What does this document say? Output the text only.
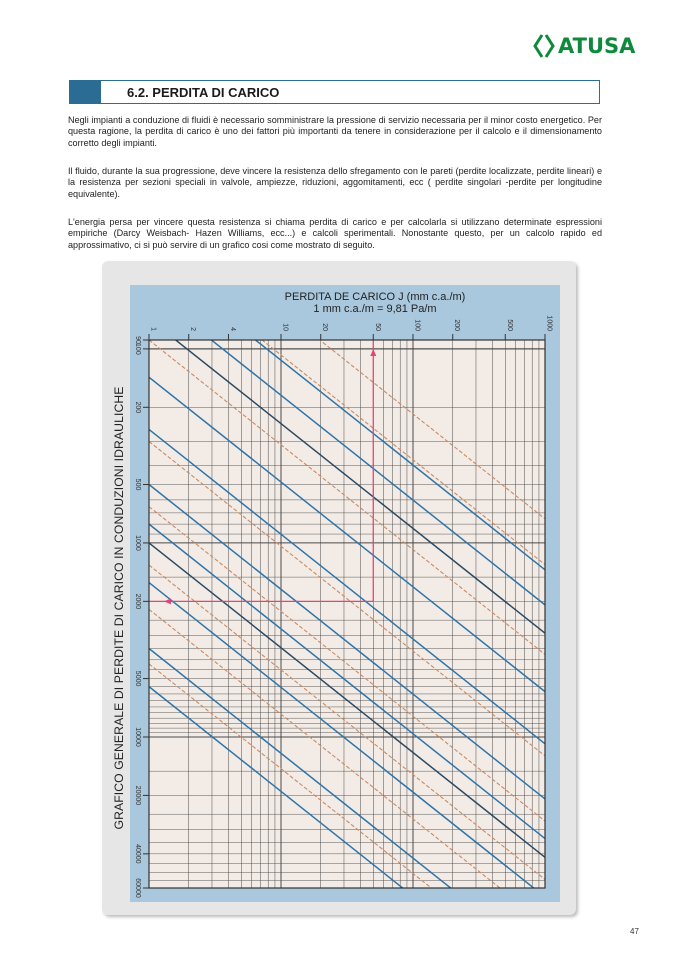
ATUSA
6.2. PERDITA DI CARICO

Negli impianti a conduzione di fluidi è necessario somministrare la pressione di servizio necessaria per il minor costo energetico. Per questa ragione, la perdita di carico è uno dei fattori più importanti da tenere in considerazione per il calcolo e il dimensionamento corretto degli impianti.

Il fluido, durante la sua progressione, deve vincere la resistenza dello sfregamento con le pareti (perdite localizzate, perdite lineari) e la resistenza per sezioni speciali in valvole, ampiezze, riduzioni, aggomitamenti, ecc ( perdite singolari -perdite per longitudine equivalente).

L'energia persa per vincere questa resistenza si chiama perdita di carico e per calcolarla si utilizzano determinate espressioni empiriche (Darcy Weisbach- Hazen Williams, ecc...) e calcoli sperimentali. Nonostante questo, per un calcolo rapido ed approssimativo, ci si può servire di un grafico cosi come mostrato di seguito.

GRAFICO GENERALE DI PERDITE DI CARICO IN CONDUZIONI IDRAULICHE
PERDITA DE CARICO J (mm c.a./m)
1 mm c.a./m = 9,81 Pa/m
1	2	4	10	20	50	100	200	500	1000
90
100
200
500
1000
2000
5000
10000
20000
40000
60000
47
